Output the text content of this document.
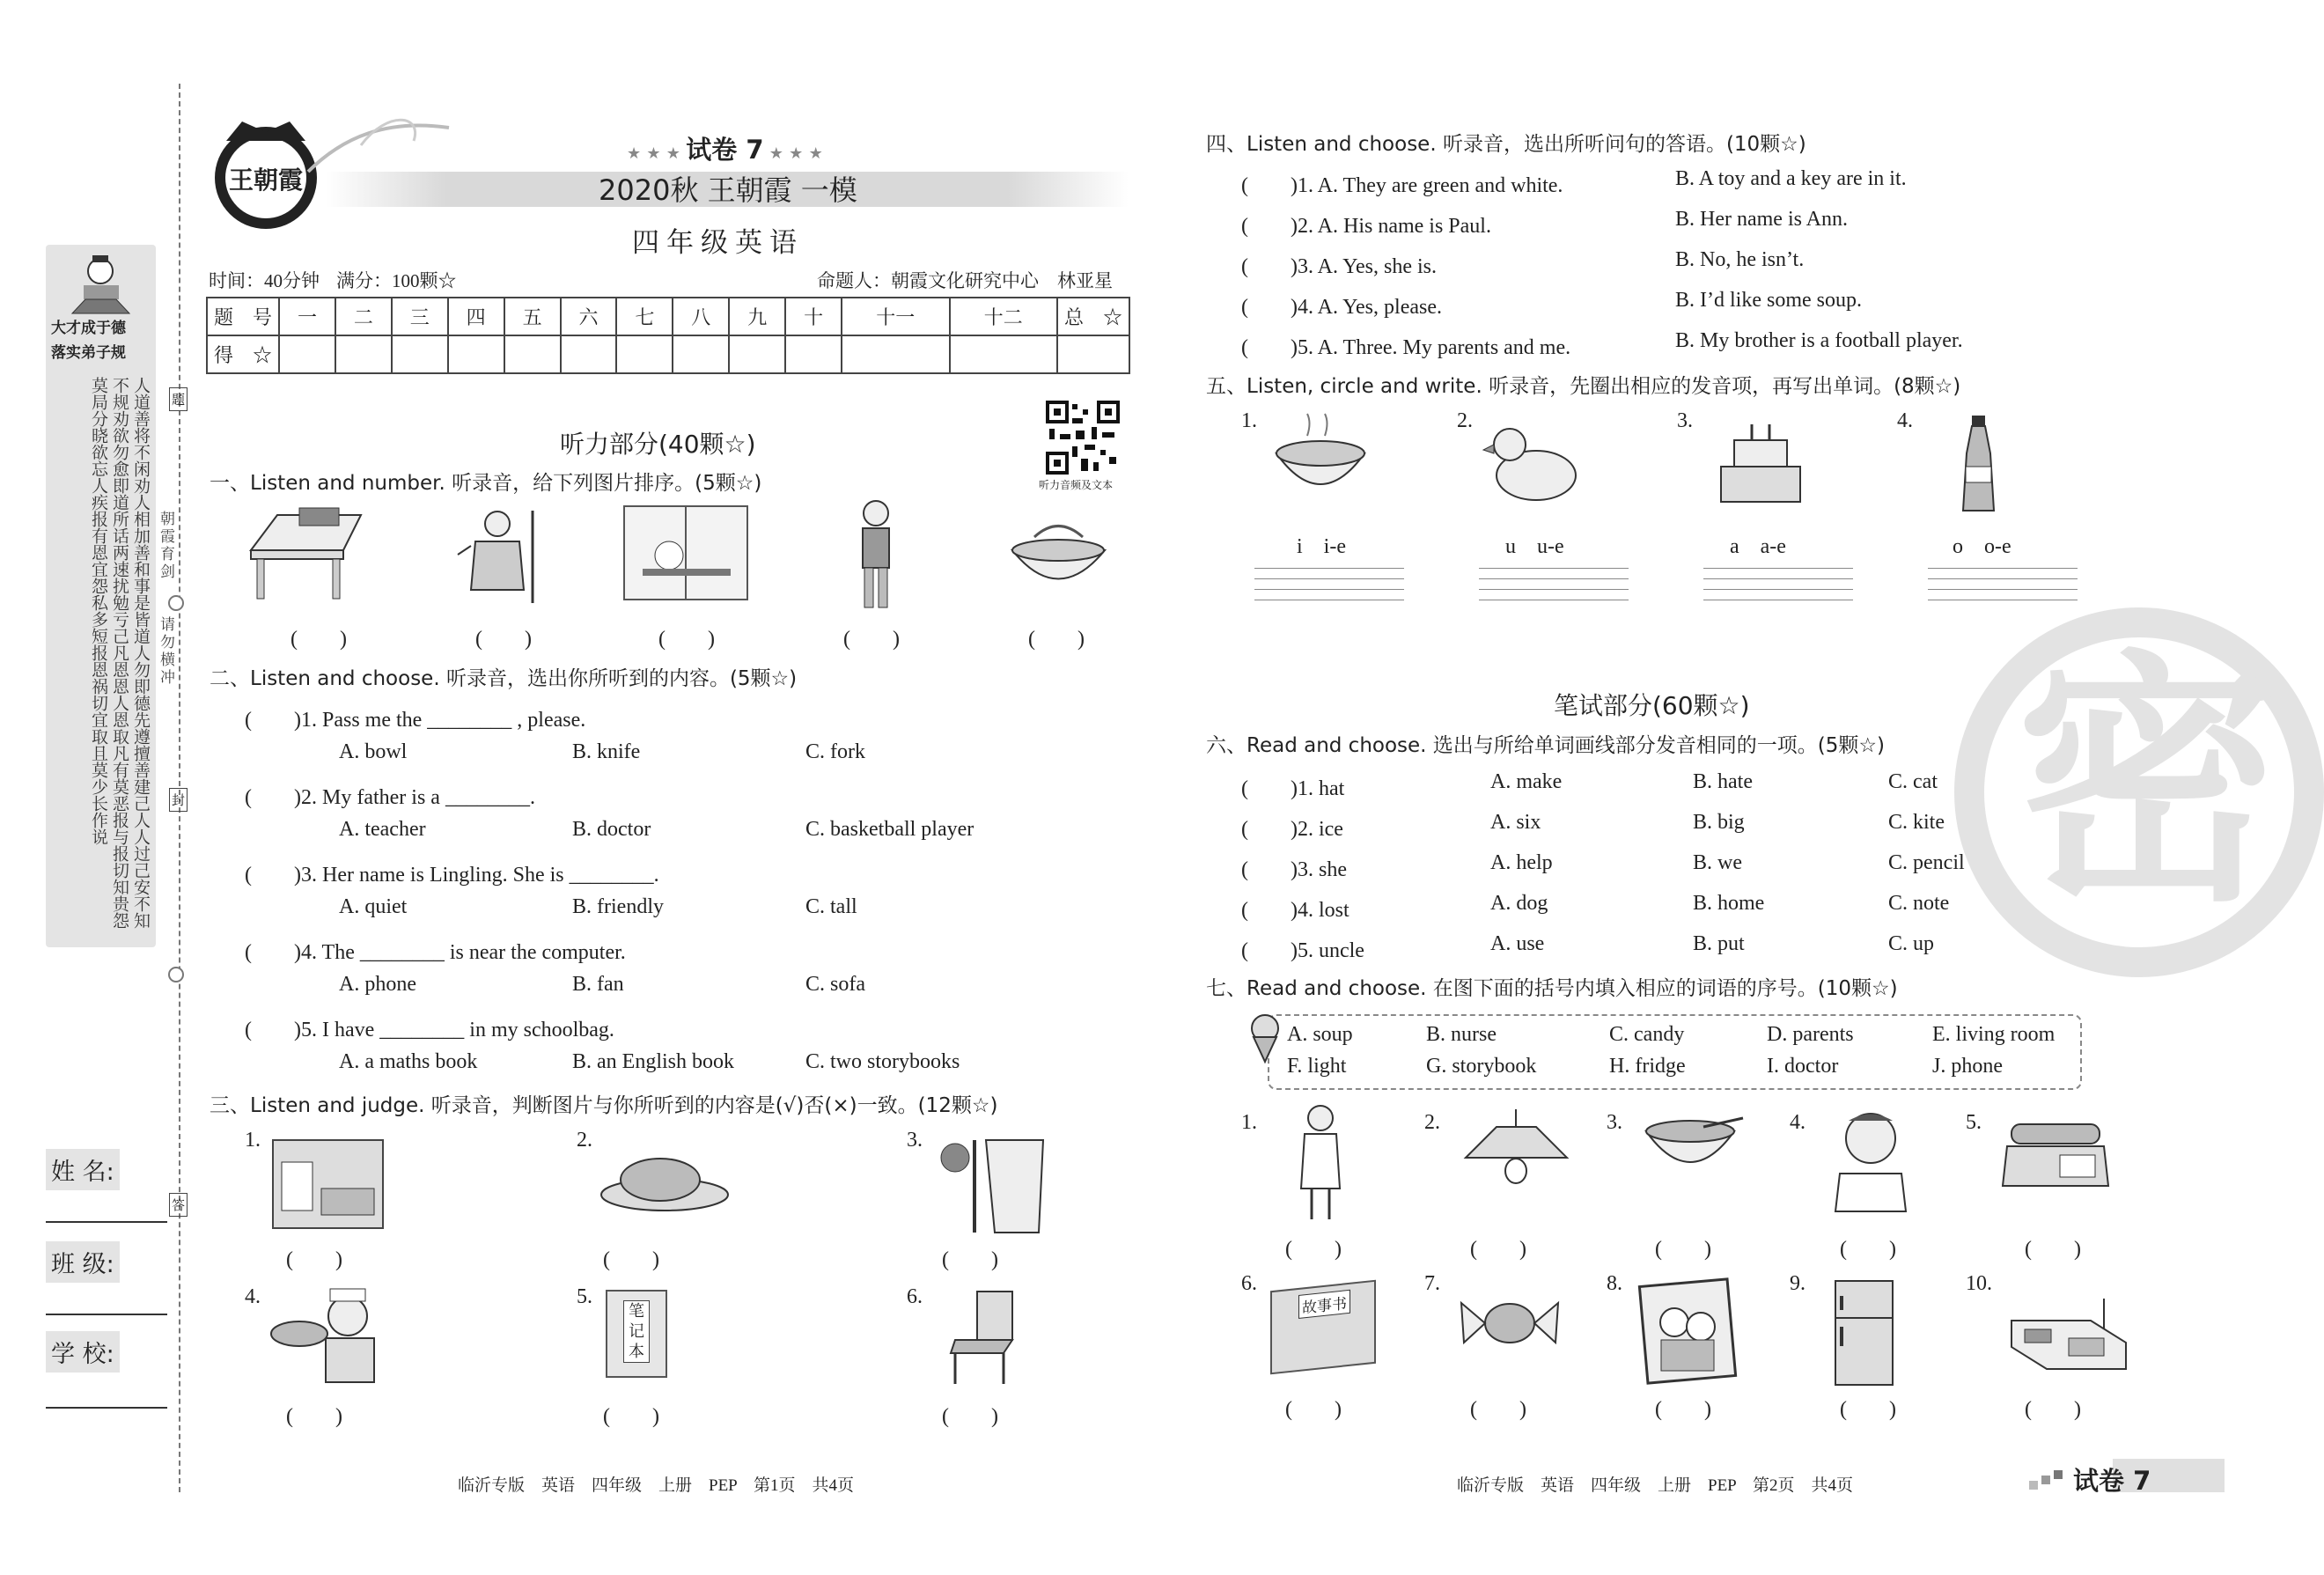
大才成于德
落实弟子规
人道善将不闲劝人相加善和事是皆道人勿即德先遵擅善建己人人过己安不知不规劝欲勿愈即道所话两速扰勉亏己凡恩恩人恩取凡有莫恶报与报切知贵怨莫局分晓欲忘人疾报有恩宜怨私多短报恩祸切宜取且莫少长作说	朝霞育剑
请勿横冲
题
封
答
姓 名:
班 级:
学 校:
王朝霞
★ ★ ★ 试卷 7 ★ ★ ★
2020秋 王朝霞 一模
四年级英语
时间：40分钟 满分：100颗☆	命题人：朝霞文化研究中心　林亚星
题　号	一	二	三	四	五	六	七	八	九	十	十一	十二	总　☆
得　☆													
听力音频及文本
听力部分(40颗☆)
一、Listen and number. 听录音，给下列图片排序。(5颗☆)
(　　)	(　　)	(　　)	(　　)	(　　)
二、Listen and choose. 听录音，选出你所听到的内容。(5颗☆)
(　　)1. Pass me the ________ , please.
A. bowl	B. knife	C. fork
(　　)2. My father is a ________.
A. teacher	B. doctor	C. basketball player
(　　)3. Her name is Lingling. She is ________.
A. quiet	B. friendly	C. tall
(　　)4. The ________ is near the computer.
A. phone	B. fan	C. sofa
(　　)5. I have ________ in my schoolbag.
A. a maths book	B. an English book	C. two storybooks
三、Listen and judge. 听录音，判断图片与你所听到的内容是(√)否(×)一致。(12颗☆)
1.
(　　)
2.
(　　)
3.
(　　)
4.
(　　)
5.
笔记本
(　　)
6.
(　　)
临沂专版　英语　四年级　上册　PEP　第1页　共4页
密
四、Listen and choose. 听录音，选出所听问句的答语。(10颗☆)
(　　)1. A. They are green and white.	B. A toy and a key are in it.
(　　)2. A. His name is Paul.	B. Her name is Ann.
(　　)3. A. Yes, she is.	B. No, he isn’t.
(　　)4. A. Yes, please.	B. I’d like some soup.
(　　)5. A. Three. My parents and me.	B. My brother is a football player.
五、Listen, circle and write. 听录音，先圈出相应的发音项，再写出单词。(8颗☆)
1.
i　i-e
2.
u　u-e
3.
a　a-e
4.
o　o-e
笔试部分(60颗☆)
六、Read and choose. 选出与所给单词画线部分发音相同的一项。(5颗☆)
(　　)1. hat	A. make	B. hate	C. cat
(　　)2. ice	A. six	B. big	C. kite
(　　)3. she	A. help	B. we	C. pencil
(　　)4. lost	A. dog	B. home	C. note
(　　)5. uncle	A. use	B. put	C. up
七、Read and choose. 在图下面的括号内填入相应的词语的序号。(10颗☆)
A. soup	B. nurse	C. candy	D. parents	E. living room
F. light	G. storybook	H. fridge	I. doctor	J. phone
1.
(　　)
2.
(　　)
3.
(　　)
4.
(　　)
5.
(　　)
6.
故事书
(　　)
7.
(　　)
8.
(　　)
9.
(　　)
10.
(　　)
临沂专版　英语　四年级　上册　PEP　第2页　共4页	试卷 7
